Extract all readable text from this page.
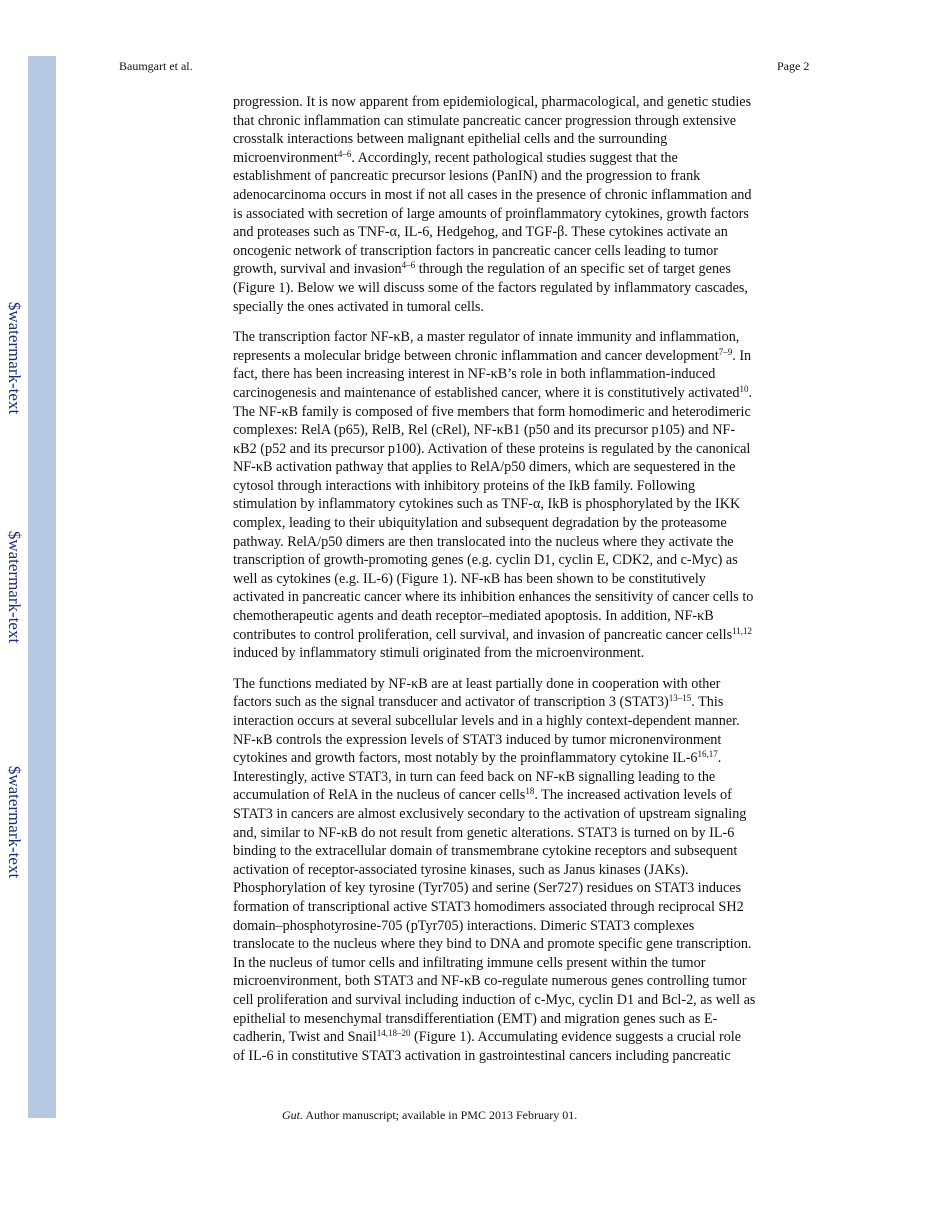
$watermark-text
$watermark-text
$watermark-text
Baumgart et al.	Page 2

progression. It is now apparent from epidemiological, pharmacological, and genetic studies
that chronic inflammation can stimulate pancreatic cancer progression through extensive
crosstalk interactions between malignant epithelial cells and the surrounding
microenvironment$^{4-6}$. Accordingly, recent pathological studies suggest that the
establishment of pancreatic precursor lesions (PanIN) and the progression to frank
adenocarcinoma occurs in most if not all cases in the presence of chronic inflammation and
is associated with secretion of large amounts of proinflammatory cytokines, growth factors
and proteases such as TNF-α, IL-6, Hedgehog, and TGF-β. These cytokines activate an
oncogenic network of transcription factors in pancreatic cancer cells leading to tumor
growth, survival and invasion$^{4-6}$ through the regulation of an specific set of target genes
(Figure 1). Below we will discuss some of the factors regulated by inflammatory cascades,
specially the ones activated in tumoral cells.

The transcription factor NF-κB, a master regulator of innate immunity and inflammation,
represents a molecular bridge between chronic inflammation and cancer development$^{7-9}$. In
fact, there has been increasing interest in NF-κB’s role in both inflammation-induced
carcinogenesis and maintenance of established cancer, where it is constitutively activated$^{10}$.
The NF-κB family is composed of five members that form homodimeric and heterodimeric
complexes: RelA (p65), RelB, Rel (cRel), NF-κB1 (p50 and its precursor p105) and NF-
κB2 (p52 and its precursor p100). Activation of these proteins is regulated by the canonical
NF-κB activation pathway that applies to RelA/p50 dimers, which are sequestered in the
cytosol through interactions with inhibitory proteins of the IkB family. Following
stimulation by inflammatory cytokines such as TNF-α, IkB is phosphorylated by the IKK
complex, leading to their ubiquitylation and subsequent degradation by the proteasome
pathway. RelA/p50 dimers are then translocated into the nucleus where they activate the
transcription of growth-promoting genes (e.g. cyclin D1, cyclin E, CDK2, and c-Myc) as
well as cytokines (e.g. IL-6) (Figure 1). NF-κB has been shown to be constitutively
activated in pancreatic cancer where its inhibition enhances the sensitivity of cancer cells to
chemotherapeutic agents and death receptor–mediated apoptosis. In addition, NF-κB
contributes to control proliferation, cell survival, and invasion of pancreatic cancer cells$^{11,12}$
induced by inflammatory stimuli originated from the microenvironment.

The functions mediated by NF-κB are at least partially done in cooperation with other
factors such as the signal transducer and activator of transcription 3 (STAT3)$^{13-15}$. This
interaction occurs at several subcellular levels and in a highly context-dependent manner.
NF-κB controls the expression levels of STAT3 induced by tumor micronenvironment
cytokines and growth factors, most notably by the proinflammatory cytokine IL-6$^{16,17}$.
Interestingly, active STAT3, in turn can feed back on NF-κB signalling leading to the
accumulation of RelA in the nucleus of cancer cells$^{18}$. The increased activation levels of
STAT3 in cancers are almost exclusively secondary to the activation of upstream signaling
and, similar to NF-κB do not result from genetic alterations. STAT3 is turned on by IL-6
binding to the extracellular domain of transmembrane cytokine receptors and subsequent
activation of receptor-associated tyrosine kinases, such as Janus kinases (JAKs).
Phosphorylation of key tyrosine (Tyr705) and serine (Ser727) residues on STAT3 induces
formation of transcriptional active STAT3 homodimers associated through reciprocal SH2
domain–phosphotyrosine-705 (pTyr705) interactions. Dimeric STAT3 complexes
translocate to the nucleus where they bind to DNA and promote specific gene transcription.
In the nucleus of tumor cells and infiltrating immune cells present within the tumor
microenvironment, both STAT3 and NF-κB co-regulate numerous genes controlling tumor
cell proliferation and survival including induction of c-Myc, cyclin D1 and Bcl-2, as well as
epithelial to mesenchymal transdifferentiation (EMT) and migration genes such as E-
cadherin, Twist and Snail$^{14,18-20}$ (Figure 1). Accumulating evidence suggests a crucial role
of IL-6 in constitutive STAT3 activation in gastrointestinal cancers including pancreatic

Gut. Author manuscript; available in PMC 2013 February 01.
